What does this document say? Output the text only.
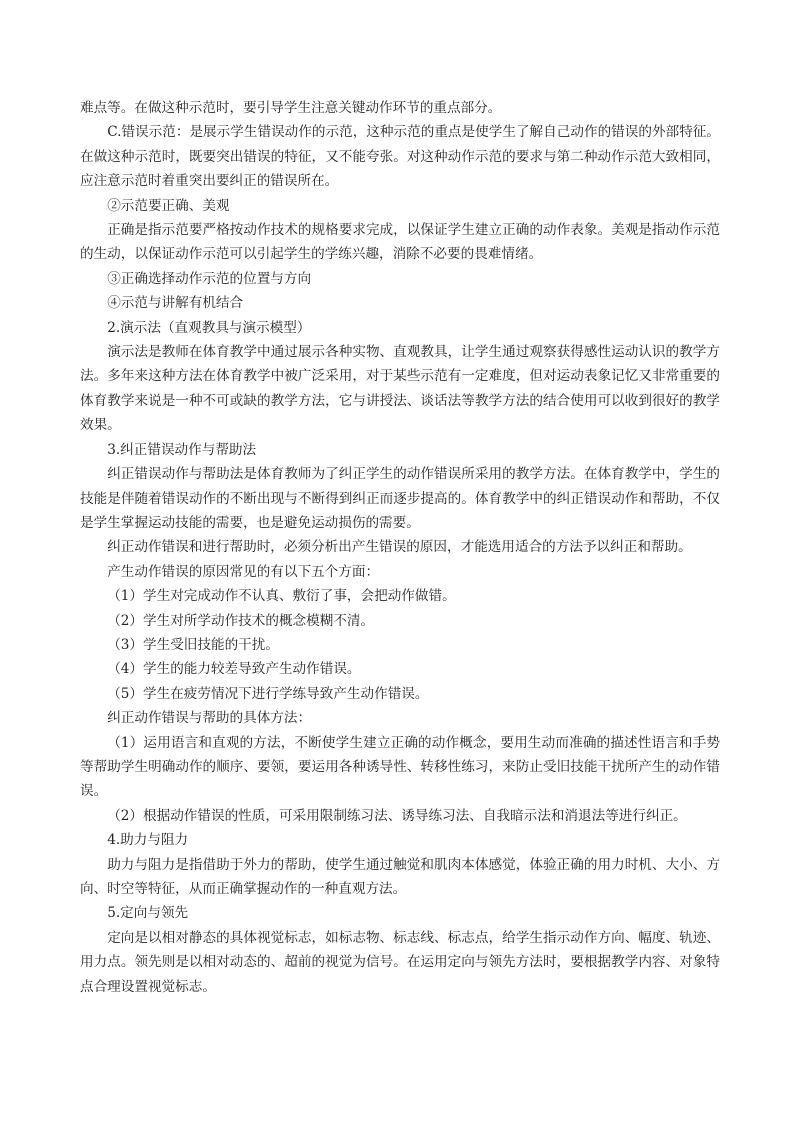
难点等。在做这种示范时，要引导学生注意关键动作环节的重点部分。

C.错误示范：是展示学生错误动作的示范，这种示范的重点是使学生了解自己动作的错误的外部特征。在做这种示范时，既要突出错误的特征，又不能夸张。对这种动作示范的要求与第二种动作示范大致相同，应注意示范时着重突出要纠正的错误所在。

②示范要正确、美观

正确是指示范要严格按动作技术的规格要求完成，以保证学生建立正确的动作表象。美观是指动作示范的生动，以保证动作示范可以引起学生的学练兴趣，消除不必要的畏难情绪。

③正确选择动作示范的位置与方向

④示范与讲解有机结合

2.演示法（直观教具与演示模型）

演示法是教师在体育教学中通过展示各种实物、直观教具，让学生通过观察获得感性运动认识的教学方法。多年来这种方法在体育教学中被广泛采用，对于某些示范有一定难度，但对运动表象记忆又非常重要的体育教学来说是一种不可或缺的教学方法，它与讲授法、谈话法等教学方法的结合使用可以收到很好的教学效果。

3.纠正错误动作与帮助法

纠正错误动作与帮助法是体育教师为了纠正学生的动作错误所采用的教学方法。在体育教学中，学生的技能是伴随着错误动作的不断出现与不断得到纠正而逐步提高的。体育教学中的纠正错误动作和帮助，不仅是学生掌握运动技能的需要，也是避免运动损伤的需要。

纠正动作错误和进行帮助时，必须分析出产生错误的原因，才能选用适合的方法予以纠正和帮助。

产生动作错误的原因常见的有以下五个方面：

（1）学生对完成动作不认真、敷衍了事，会把动作做错。

（2）学生对所学动作技术的概念模糊不清。

（3）学生受旧技能的干扰。

（4）学生的能力较差导致产生动作错误。

（5）学生在疲劳情况下进行学练导致产生动作错误。

纠正动作错误与帮助的具体方法：

（1）运用语言和直观的方法，不断使学生建立正确的动作概念，要用生动而准确的描述性语言和手势等帮助学生明确动作的顺序、要领，要运用各种诱导性、转移性练习，来防止受旧技能干扰所产生的动作错误。

（2）根据动作错误的性质，可采用限制练习法、诱导练习法、自我暗示法和消退法等进行纠正。

4.助力与阻力

助力与阻力是指借助于外力的帮助，使学生通过触觉和肌肉本体感觉，体验正确的用力时机、大小、方向、时空等特征，从而正确掌握动作的一种直观方法。

5.定向与领先

定向是以相对静态的具体视觉标志，如标志物、标志线、标志点，给学生指示动作方向、幅度、轨迹、用力点。领先则是以相对动态的、超前的视觉为信号。在运用定向与领先方法时，要根据教学内容、对象特点合理设置视觉标志。
